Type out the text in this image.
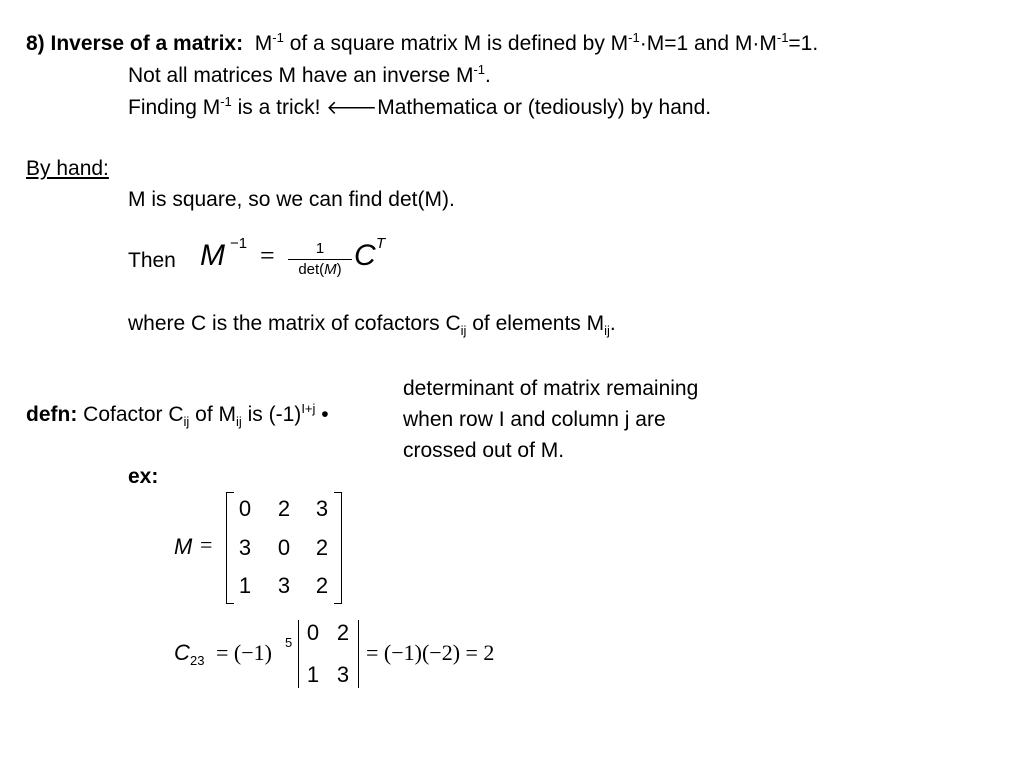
8) Inverse of a matrix: $M^{-1}$ of a square matrix M is defined by $M^{-1}\cdot M=1$ and $M\cdot M^{-1}=1$.
Not all matrices M have an inverse $M^{-1}$.
Finding $M^{-1}$ is a trick! 🡐Mathematica or (tediously) by hand.
By hand:
M is square, so we can find det(M).
Then M −1 =	1
det(M) C T
where C is the matrix of cofactors $C_{ij}$ of elements $M_{ij}$.
defn: Cofactor $C_{ij}$ of $M_{ij}$ is $(-1)^{I+j}$ •
determinant of matrix remaining
when row I and column j are
crossed out of M.
ex:
M =
0	2	3
3	0	2
1	3	2
C 23 = (−1) 5 0 2
1 3
= (−1)(−2) = 2
